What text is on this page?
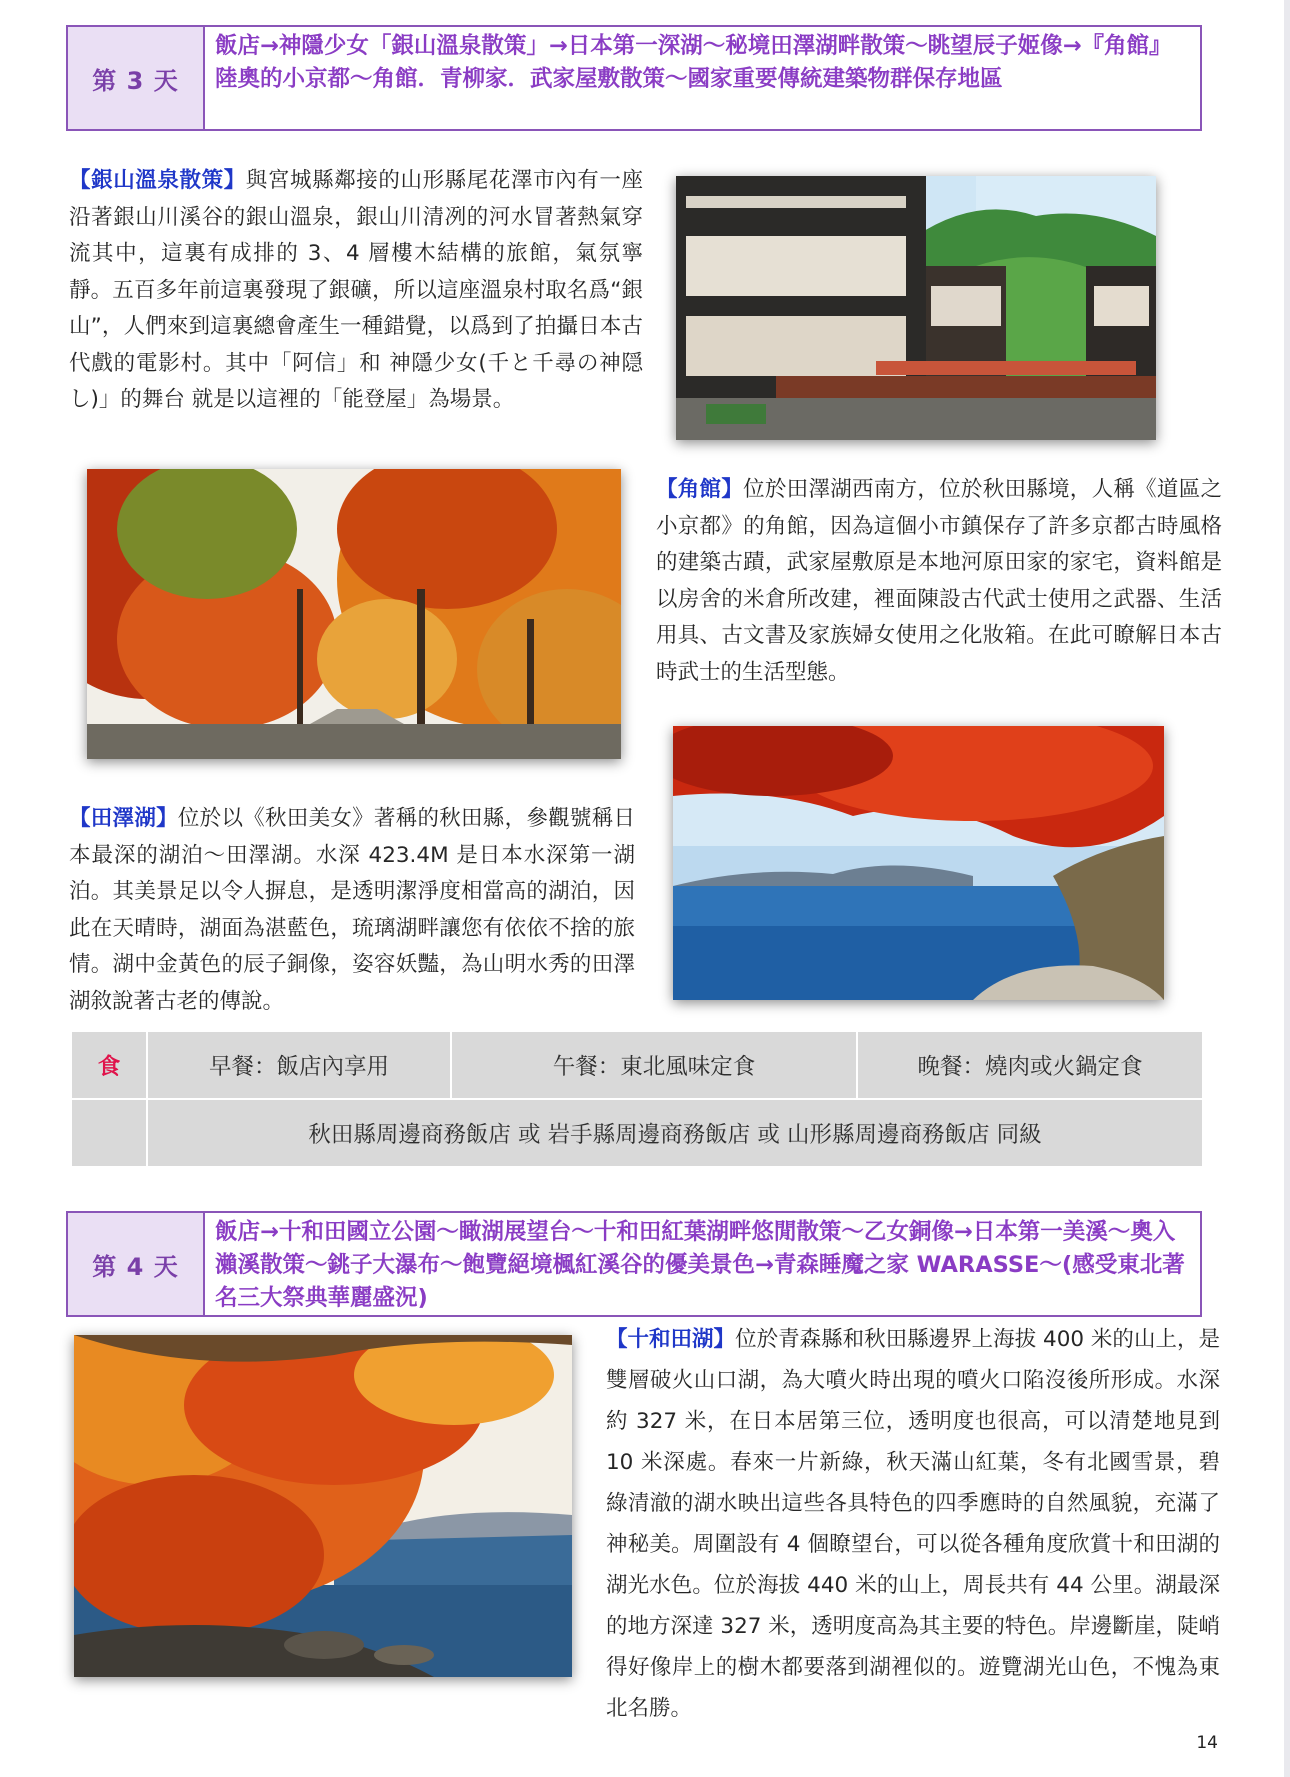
第 3 天
飯店→神隱少女「銀山溫泉散策」→日本第一深湖～秘境田澤湖畔散策～眺望辰子姬像→『角館』陸奧的小京都～角館．青柳家．武家屋敷散策～國家重要傳統建築物群保存地區
【銀山溫泉散策】與宮城縣鄰接的山形縣尾花澤市內有一座沿著銀山川溪谷的銀山溫泉，銀山川清冽的河水冒著熱氣穿流其中，這裏有成排的 3、4 層樓木結構的旅館，氣氛寧靜。五百多年前這裏發現了銀礦，所以這座溫泉村取名爲“銀山”，人們來到這裏總會產生一種錯覺，以爲到了拍攝日本古代戲的電影村。其中「阿信」和 神隱少女(千と千尋の神隠し)」的舞台 就是以這裡的「能登屋」為場景。
【角館】位於田澤湖西南方，位於秋田縣境，人稱《道區之小京都》的角館，因為這個小市鎮保存了許多京都古時風格的建築古蹟，武家屋敷原是本地河原田家的家宅，資料館是以房舍的米倉所改建，裡面陳設古代武士使用之武器、生活用具、古文書及家族婦女使用之化妝箱。在此可瞭解日本古時武士的生活型態。
【田澤湖】位於以《秋田美女》著稱的秋田縣，參觀號稱日本最深的湖泊～田澤湖。水深 423.4M 是日本水深第一湖泊。其美景足以令人摒息，是透明潔淨度相當高的湖泊，因此在天晴時，湖面為湛藍色，琉璃湖畔讓您有依依不捨的旅情。湖中金黃色的辰子銅像，姿容妖豔，為山明水秀的田澤湖敘說著古老的傳說。
食	早餐：飯店內享用	午餐：東北風味定食	晚餐：燒肉或火鍋定食
	秋田縣周邊商務飯店 或 岩手縣周邊商務飯店 或 山形縣周邊商務飯店 同級		
第 4 天
飯店→十和田國立公園～瞰湖展望台～十和田紅葉湖畔悠閒散策～乙女銅像→日本第一美溪～奧入瀨溪散策～銚子大瀑布～飽覽絕境楓紅溪谷的優美景色→青森睡魔之家 WARASSE～(感受東北著名三大祭典華麗盛況)
【十和田湖】位於青森縣和秋田縣邊界上海拔 400 米的山上，是雙層破火山口湖，為大噴火時出現的噴火口陷沒後所形成。水深約 327 米，在日本居第三位，透明度也很高，可以清楚地見到 10 米深處。春來一片新綠，秋天滿山紅葉，冬有北國雪景，碧綠清澈的湖水映出這些各具特色的四季應時的自然風貌，充滿了神秘美。周圍設有 4 個瞭望台，可以從各種角度欣賞十和田湖的湖光水色。位於海拔 440 米的山上，周長共有 44 公里。湖最深的地方深達 327 米，透明度高為其主要的特色。岸邊斷崖，陡峭得好像岸上的樹木都要落到湖裡似的。遊覽湖光山色，不愧為東北名勝。
14
